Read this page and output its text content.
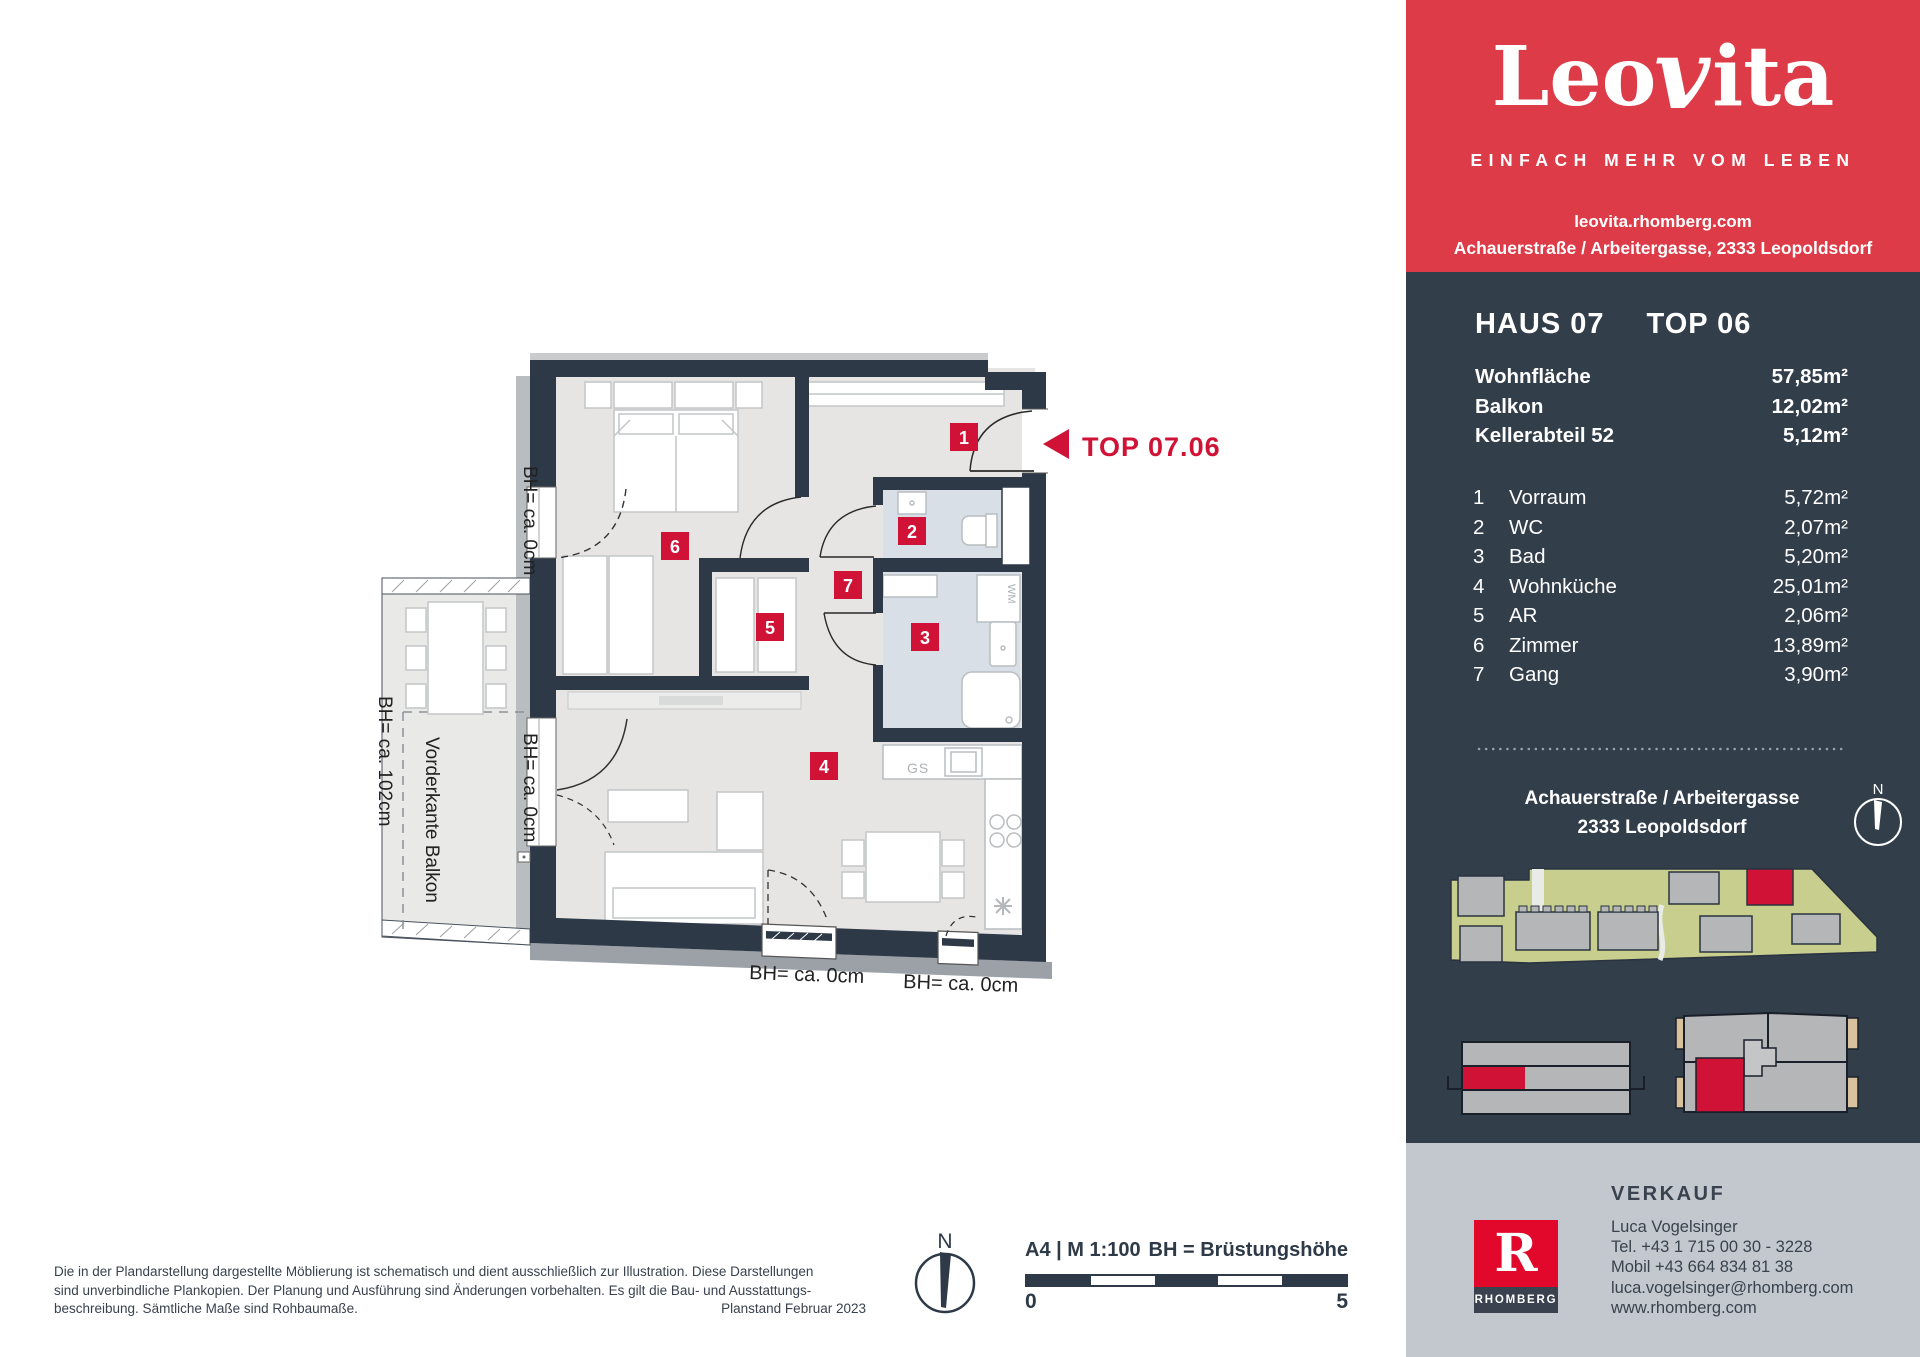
1
2
3
4
5
6
7
TOP 07.06
BH= ca. 0cm
BH= ca. 0cm
BH= ca. 102cm Vorderkante Balkon
BH= ca. 0cm BH= ca. 0cm
WM
GS
Leovita
EINFACH MEHR VOM LEBEN
leovita.rhomberg.com
Achauerstraße / Arbeitergasse, 2333 Leopoldsdorf
HAUS 07 TOP 06
Wohnfläche	57,85m²
Balkon	12,02m²
Kellerabteil 52	5,12m²
1	Vorraum	5,72m²
2	WC	2,07m²
3	Bad	5,20m²
4	Wohnküche	25,01m²
5	AR	2,06m²
6	Zimmer	13,89m²
7	Gang	3,90m²
Achauerstraße / Arbeitergasse
2333 Leopoldsdorf
N
R
RHOMBERG
VERKAUF
Luca Vogelsinger
Tel. +43 1 715 00 30 - 3228
Mobil +43 664 834 81 38
luca.vogelsinger@rhomberg.com
www.rhomberg.com
Die in der Plandarstellung dargestellte Möblierung ist schematisch und dient ausschließlich zur Illustration. Diese Darstellungen
sind unverbindliche Plankopien. Der Planung und Ausführung sind Änderungen vorbehalten. Es gilt die Bau- und Ausstattungs-
Planstand Februar 2023
beschreibung. Sämtliche Maße sind Rohbaumaße.
N	A4 | M 1:100 BH = Brüstungshöhe
0	5
